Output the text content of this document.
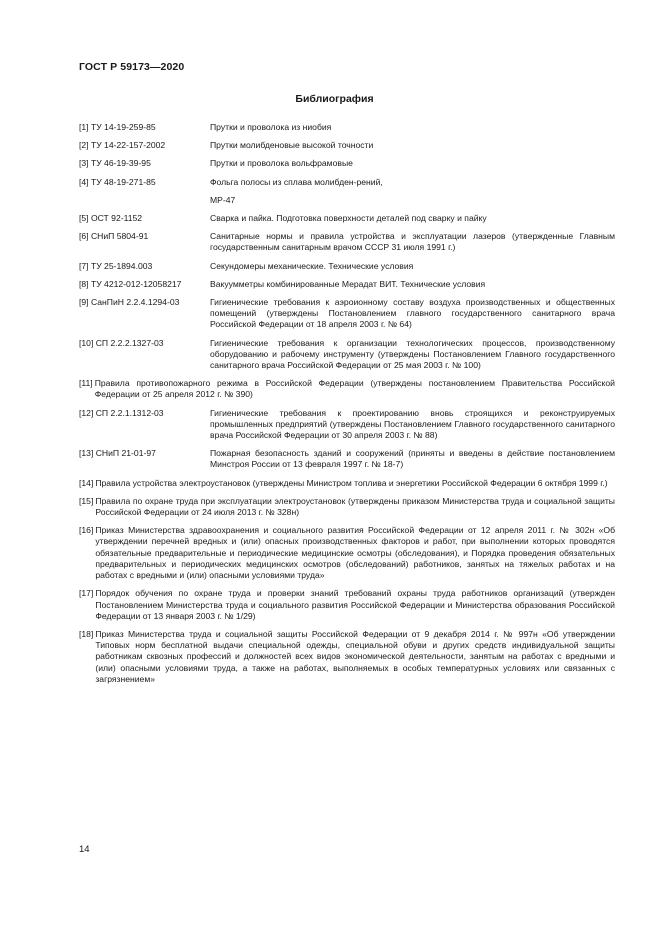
ГОСТ Р 59173—2020
Библиография
[1] ТУ 14-19-259-85	Прутки и проволока из ниобия
[2] ТУ 14-22-157-2002	Прутки молибденовые высокой точности
[3] ТУ 46-19-39-95	Прутки и проволока вольфрамовые
[4] ТУ 48-19-271-85	Фольга полосы из сплава молибден-рений,
МР-47
[5] ОСТ 92-1152	Сварка и пайка. Подготовка поверхности деталей под сварку и пайку
[6] СНиП 5804-91	Санитарные нормы и правила устройства и эксплуатации лазеров (утвержденные Главным государственным санитарным врачом СССР 31 июля 1991 г.)
[7] ТУ 25-1894.003	Секундомеры механические. Технические условия
[8] ТУ 4212-012-12058217	Вакуумметры комбинированные Мерадат ВИТ. Технические условия
[9] СанПиН 2.2.4.1294-03	Гигиенические требования к аэроионному составу воздуха производственных и общественных помещений (утверждены Постановлением главного государственного санитарного врача Российской Федерации от 18 апреля 2003 г. № 64)
[10] СП 2.2.2.1327-03	Гигиенические требования к организации технологических процессов, производственному оборудованию и рабочему инструменту (утверждены Постановлением Главного государственного санитарного врача Российской Федерации от 25 мая 2003 г. № 100)
[11] Правила противопожарного режима в Российской Федерации (утверждены постановлением Правительства Российской Федерации от 25 апреля 2012 г. № 390)
[12] СП 2.2.1.1312-03	Гигиенические требования к проектированию вновь строящихся и реконструируемых промышленных предприятий (утверждены Постановлением Главного государственного санитарного врача Российской Федерации от 30 апреля 2003 г. № 88)
[13] СНиП 21-01-97	Пожарная безопасность зданий и сооружений (приняты и введены в действие постановлением Минстроя России от 13 февраля 1997 г. № 18-7)
[14] Правила устройства электроустановок (утверждены Министром топлива и энергетики Российской Федерации 6 октября 1999 г.)
[15] Правила по охране труда при эксплуатации электроустановок (утверждены приказом Министерства труда и социальной защиты Российской Федерации от 24 июля 2013 г. № 328н)
[16] Приказ Министерства здравоохранения и социального развития Российской Федерации от 12 апреля 2011 г. № 302н «Об утверждении перечней вредных и (или) опасных производственных факторов и работ, при выполнении которых проводятся обязательные предварительные и периодические медицинские осмотры (обследования), и Порядка проведения обязательных предварительных и периодических медицинских осмотров (обследований) работников, занятых на тяжелых работах и на работах с вредными и (или) опасными условиями труда»
[17] Порядок обучения по охране труда и проверки знаний требований охраны труда работников организаций (утвержден Постановлением Министерства труда и социального развития Российской Федерации и Министерства образования Российской Федерации от 13 января 2003 г. № 1/29)
[18] Приказ Министерства труда и социальной защиты Российской Федерации от 9 декабря 2014 г. № 997н «Об утверждении Типовых норм бесплатной выдачи специальной одежды, специальной обуви и других средств индивидуальной защиты работникам сквозных профессий и должностей всех видов экономической деятельности, занятым на работах с вредными и (или) опасными условиями труда, а также на работах, выполняемых в особых температурных условиях или связанных с загрязнением»
14
